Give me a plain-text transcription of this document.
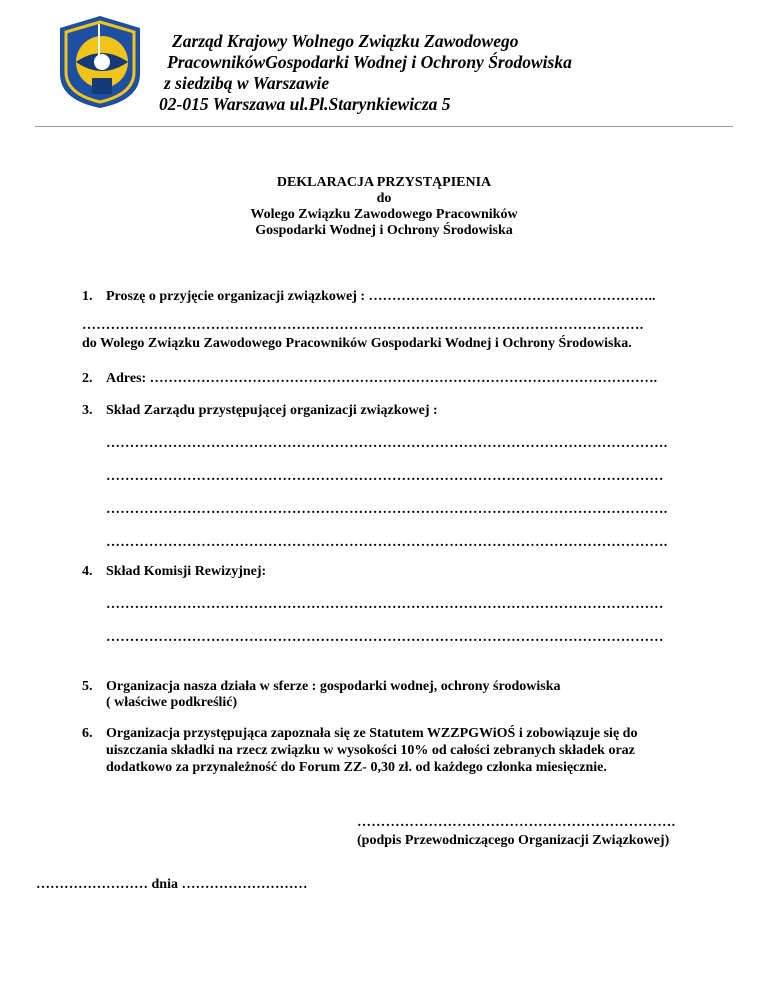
Zarząd Krajowy Wolnego Związku Zawodowego
PracownikówGospodarki Wodnej i Ochrony Środowiska
z siedzibą w Warszawie
02-015 Warszawa ul.Pl.Starynkiewicza 5
DEKLARACJA PRZYSTĄPIENIA
do
Wolego Związku Zawodowego Pracowników
Gospodarki Wodnej i Ochrony Środowiska
1. Proszę o przyjęcie organizacji związkowej : ……………………………………………………..
……………………………………………………………………………………………………….
do Wolego Związku Zawodowego Pracowników Gospodarki Wodnej i Ochrony Środowiska.
2. Adres: ……………………………………………………………………………………………….
3. Skład Zarządu przystępującej organizacji związkowej :
……………………………………………………………………………………………………….
………………………………………………………………………………………………………
……………………………………………………………………………………………………….
……………………………………………………………………………………………………….
4. Skład Komisji Rewizyjnej:
………………………………………………………………………………………………………
………………………………………………………………………………………………………
5. Organizacja nasza działa w sferze : gospodarki wodnej, ochrony środowiska
( właściwe podkreślić)
6. Organizacja przystępująca zapoznała się ze Statutem WZZPGWiOŚ i zobowiązuje się do
uiszczania składki na rzecz związku w wysokości 10% od całości zebranych składek oraz
dodatkowo za przynależność do Forum ZZ- 0,30 zł. od każdego członka miesięcznie.
………………………………………………………….
(podpis Przewodniczącego Organizacji Związkowej)
…………………… dnia ………………………
